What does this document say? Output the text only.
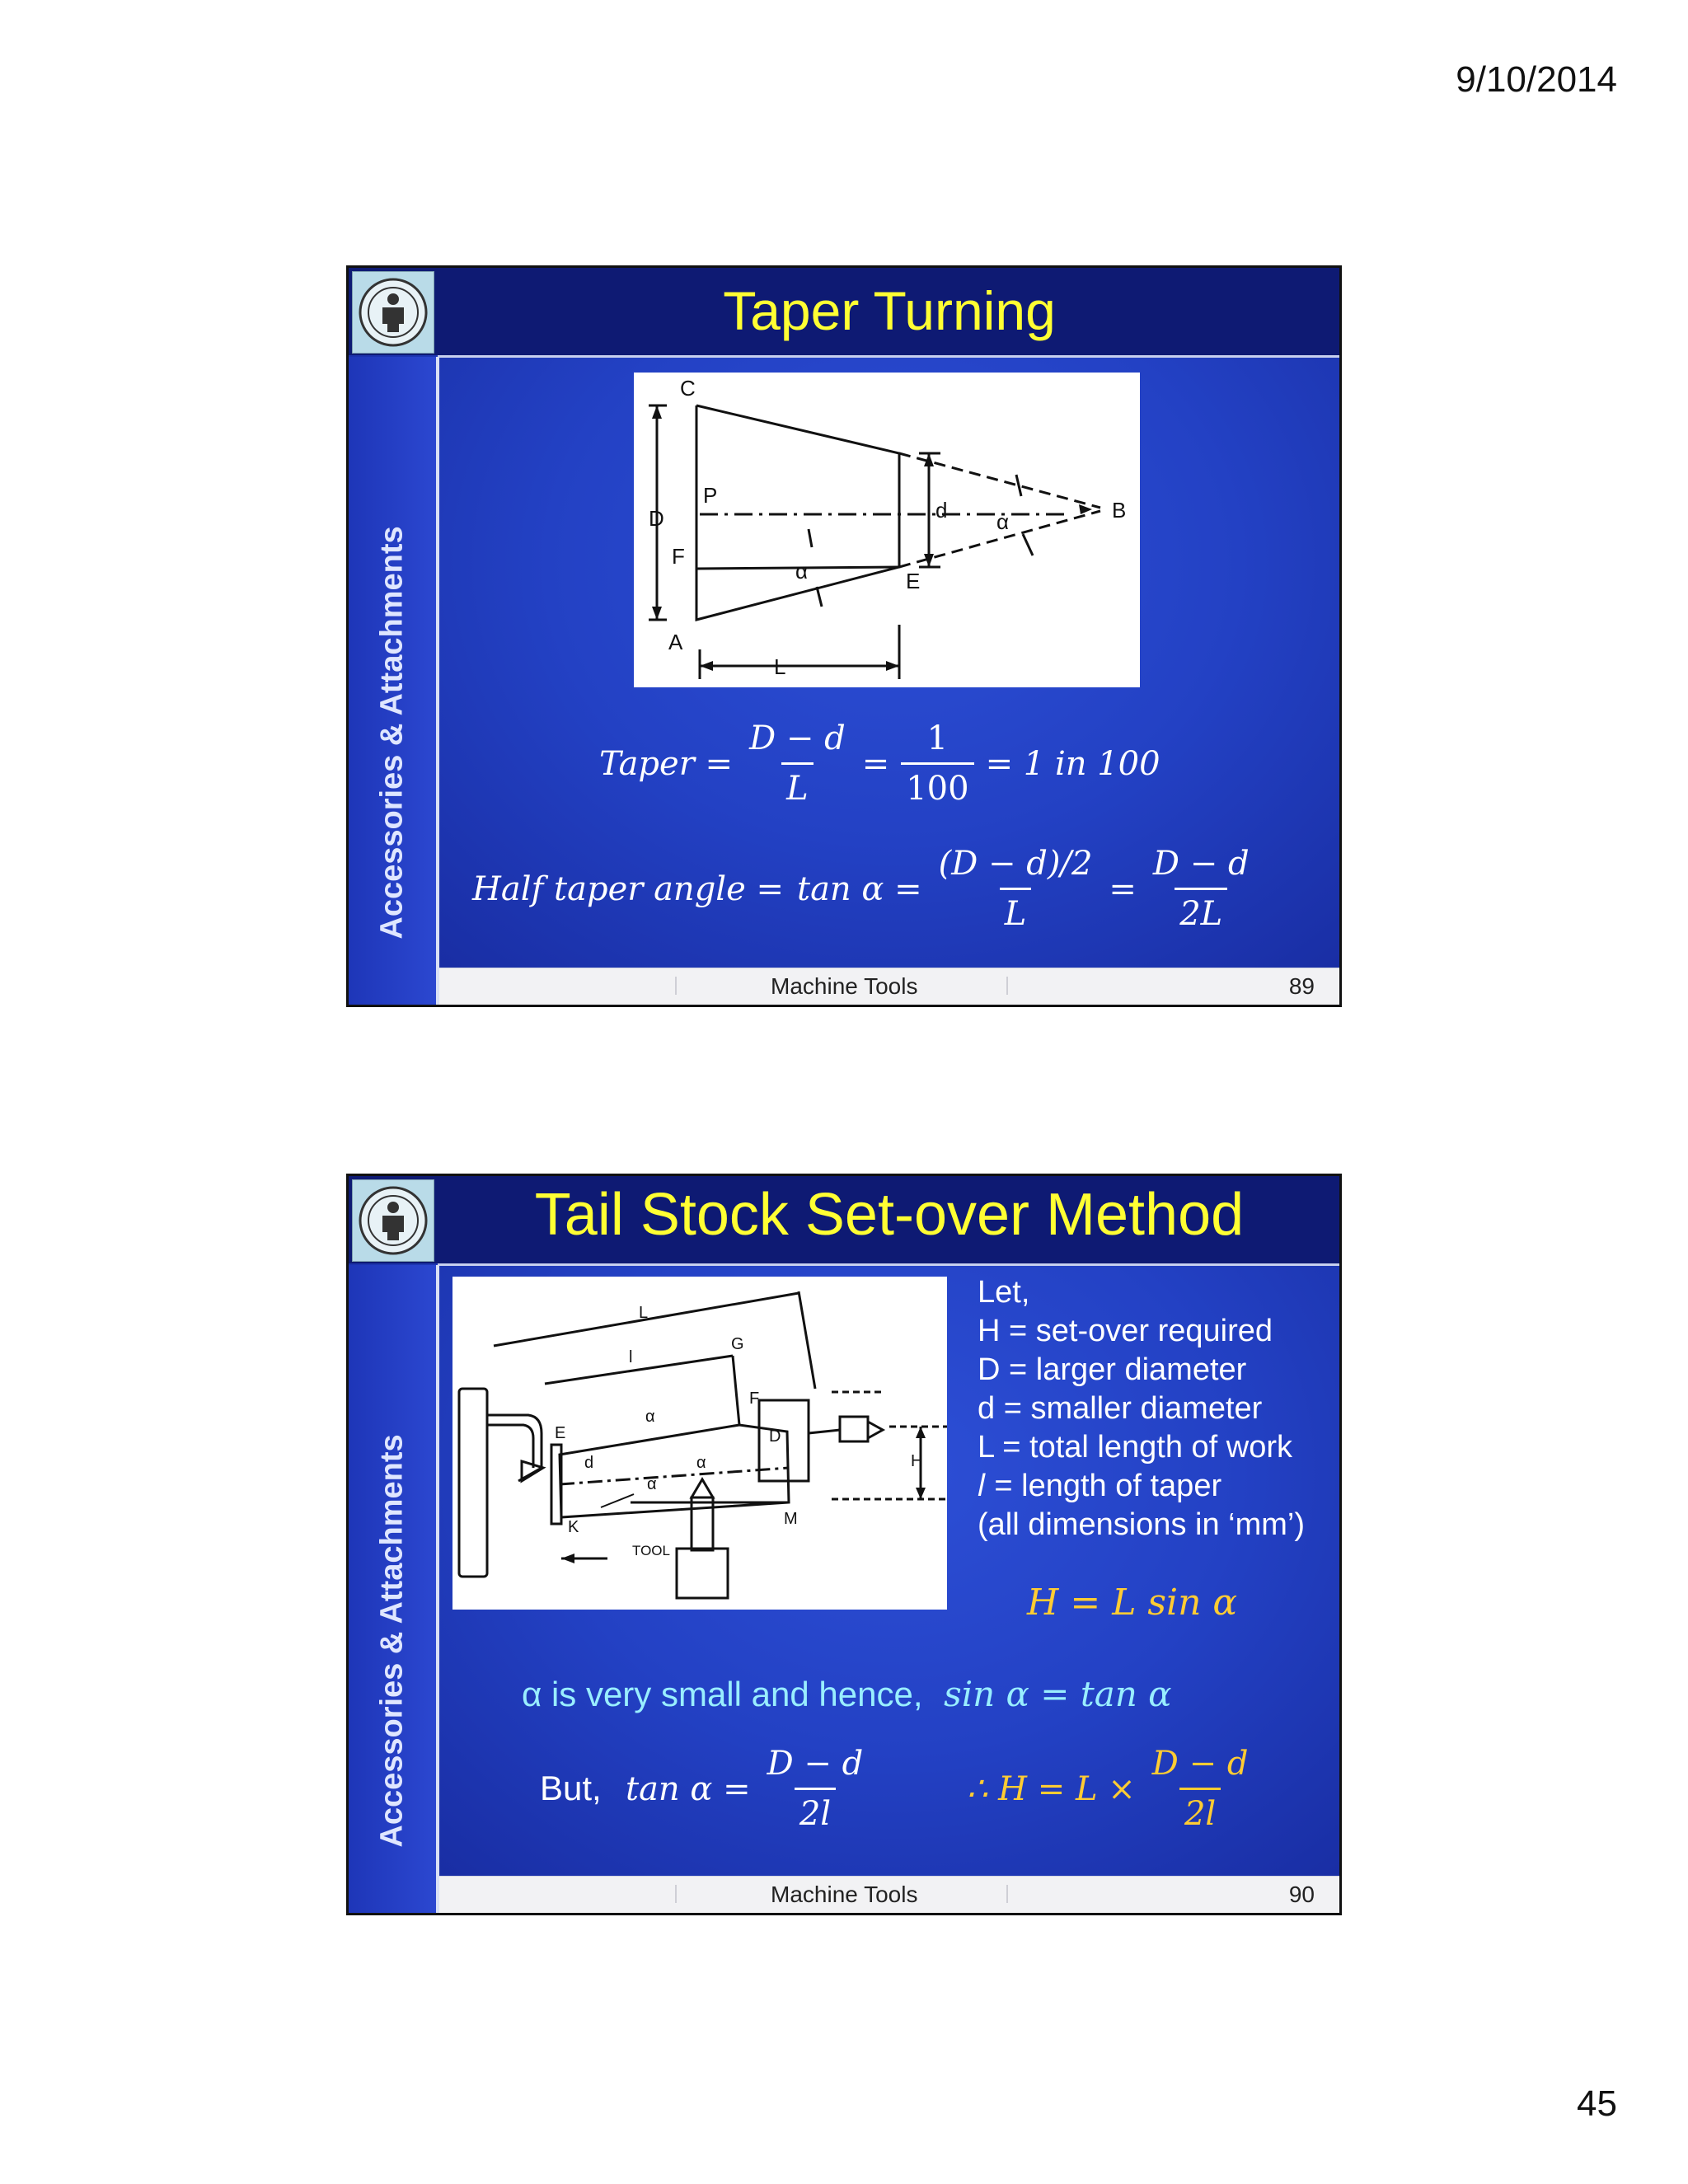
9/10/2014
Taper Turning
Accessories & Attachments
C
D
P
F
A
L
E
d α
α
B
Taper = $\frac{D - d}{L} = \frac{1}{100} = 1$ in 100
Half taper angle = $\tan \alpha = \frac{(D - d)/2}{L} = \frac{D - d}{2L}$
Machine Tools	89
Tail Stock Set-over Method
Accessories & Attachments
L
l
G
F
E	D
H
α
α
α
d
K	M
TOOL
Let,
H = set-over required
D = larger diameter
d = smaller diameter
L = total length of work
𝑙 = length of taper
(all dimensions in ‘mm’)
H = L sin α
α is very small and hence, sin α = tan α
But, $\tan \alpha = \frac{D - d}{2l}$	∴ $H = L \times \frac{D - d}{2l}$
Machine Tools	90
45
